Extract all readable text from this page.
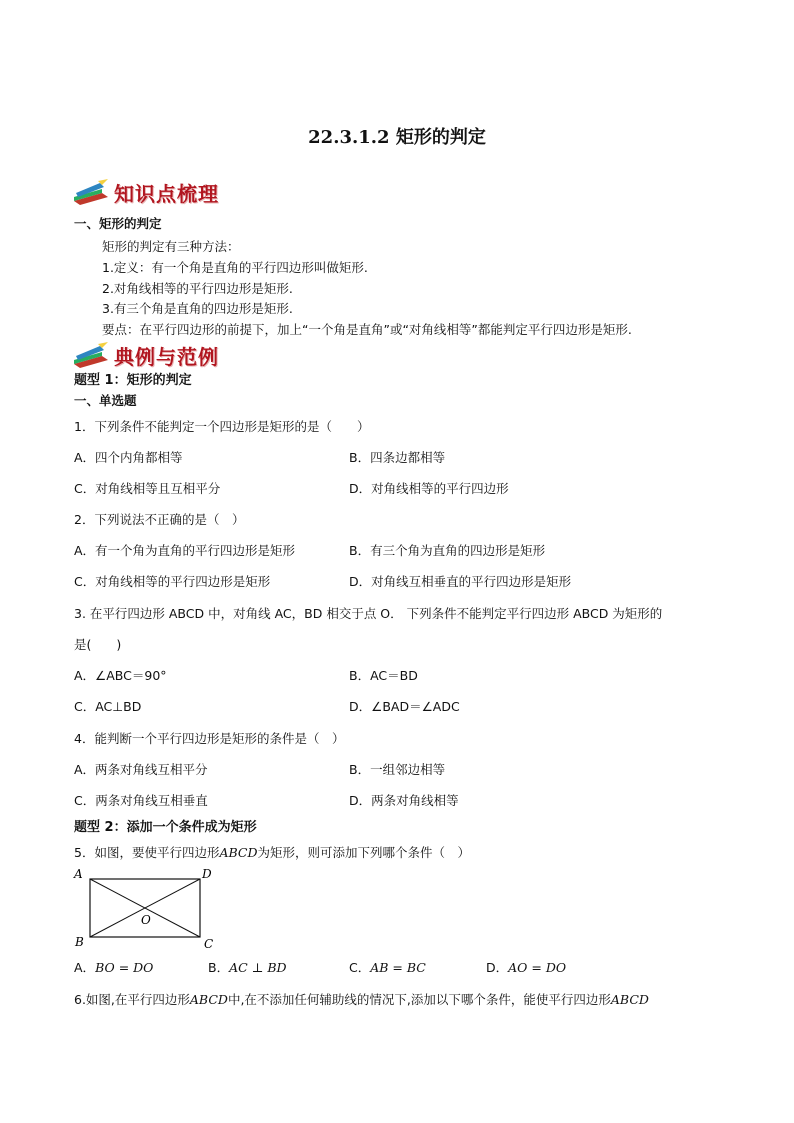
22.3.1.2 矩形的判定
知识点梳理
一、矩形的判定
矩形的判定有三种方法：
1.定义：有一个角是直角的平行四边形叫做矩形.
2.对角线相等的平行四边形是矩形.
3.有三个角是直角的四边形是矩形.
要点：在平行四边形的前提下，加上“一个角是直角”或“对角线相等”都能判定平行四边形是矩形.
典例与范例
题型 1：矩形的判定
一、单选题
1．下列条件不能判定一个四边形是矩形的是（　　）
A．四个内角都相等	B．四条边都相等
C．对角线相等且互相平分	D．对角线相等的平行四边形
2．下列说法不正确的是（　）
A．有一个角为直角的平行四边形是矩形	B．有三个角为直角的四边形是矩形
C．对角线相等的平行四边形是矩形	D．对角线互相垂直的平行四边形是矩形
3. 在平行四边形 ABCD 中，对角线 AC，BD 相交于点 O． 下列条件不能判定平行四边形 ABCD 为矩形的
是(　　)
A．∠ABC＝90°	B．AC＝BD
C．AC⊥BD	D．∠BAD＝∠ADC
4．能判断一个平行四边形是矩形的条件是（　）
A．两条对角线互相平分	B．一组邻边相等
C．两条对角线互相垂直	D．两条对角线相等
题型 2：添加一个条件成为矩形
5．如图，要使平行四边形ABCD为矩形，则可添加下列哪个条件（　）
A	D
B	C
O
A．BO = DO	B．AC ⊥ BD	C．AB = BC	D．AO = DO
6.如图,在平行四边形ABCD中,在不添加任何辅助线的情况下,添加以下哪个条件，能使平行四边形ABCD
